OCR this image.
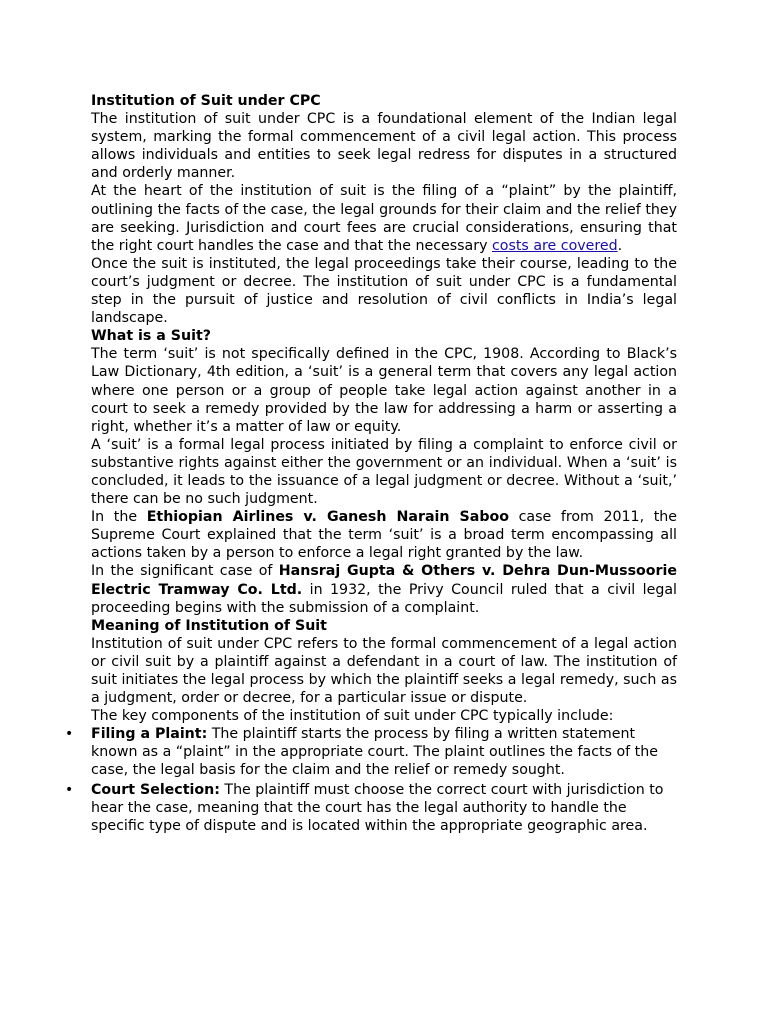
Institution of Suit under CPC

The institution of suit under CPC is a foundational element of the Indian legal system, marking the formal commencement of a civil legal action. This process allows individuals and entities to seek legal redress for disputes in a structured and orderly manner.

At the heart of the institution of suit is the filing of a “plaint” by the plaintiff, outlining the facts of the case, the legal grounds for their claim and the relief they are seeking. Jurisdiction and court fees are crucial considerations, ensuring that the right court handles the case and that the necessary costs are covered.

Once the suit is instituted, the legal proceedings take their course, leading to the court’s judgment or decree. The institution of suit under CPC is a fundamental step in the pursuit of justice and resolution of civil conflicts in India’s legal landscape.

What is a Suit?

The term ‘suit’ is not specifically defined in the CPC, 1908. According to Black’s Law Dictionary, 4th edition, a ‘suit’ is a general term that covers any legal action where one person or a group of people take legal action against another in a court to seek a remedy provided by the law for addressing a harm or asserting a right, whether it’s a matter of law or equity.

A ‘suit’ is a formal legal process initiated by filing a complaint to enforce civil or substantive rights against either the government or an individual. When a ‘suit’ is concluded, it leads to the issuance of a legal judgment or decree. Without a ‘suit,’ there can be no such judgment.

In the Ethiopian Airlines v. Ganesh Narain Saboo case from 2011, the Supreme Court explained that the term ‘suit’ is a broad term encompassing all actions taken by a person to enforce a legal right granted by the law.

In the significant case of Hansraj Gupta & Others v. Dehra Dun-Mussoorie Electric Tramway Co. Ltd. in 1932, the Privy Council ruled that a civil legal proceeding begins with the submission of a complaint.

Meaning of Institution of Suit

Institution of suit under CPC refers to the formal commencement of a legal action or civil suit by a plaintiff against a defendant in a court of law. The institution of suit initiates the legal process by which the plaintiff seeks a legal remedy, such as a judgment, order or decree, for a particular issue or dispute.

The key components of the institution of suit under CPC typically include:

• Filing a Plaint: The plaintiff starts the process by filing a written statement known as a “plaint” in the appropriate court. The plaint outlines the facts of the case, the legal basis for the claim and the relief or remedy sought.
• Court Selection: The plaintiff must choose the correct court with jurisdiction to hear the case, meaning that the court has the legal authority to handle the specific type of dispute and is located within the appropriate geographic area.
